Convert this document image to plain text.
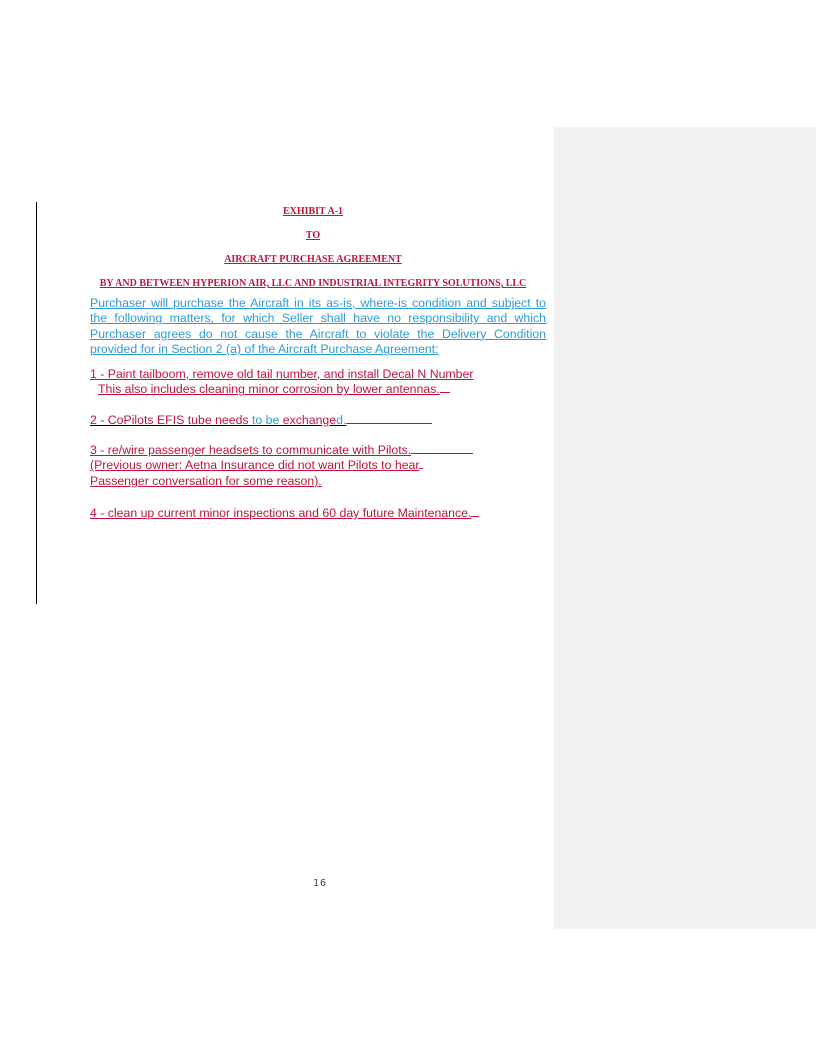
EXHIBIT A-1

TO

AIRCRAFT PURCHASE AGREEMENT

BY AND BETWEEN HYPERION AIR, LLC AND INDUSTRIAL INTEGRITY SOLUTIONS, LLC

Purchaser will purchase the Aircraft in its as-is, where-is condition and subject to the following matters, for which Seller shall have no responsibility and which Purchaser agrees do not cause the Aircraft to violate the Delivery Condition provided for in Section 2 (a) of the Aircraft Purchase Agreement:

1 - Paint tailboom, remove old tail number, and install Decal N Number
This also includes cleaning minor corrosion by lower antennas.
2 - CoPilots EFIS tube needs to be exchanged.
3 - re/wire passenger headsets to communicate with Pilots.
(Previous owner: Aetna Insurance did not want Pilots to hear
Passenger conversation for some reason).
4 - clean up current minor inspections and 60 day future Maintenance.
16
